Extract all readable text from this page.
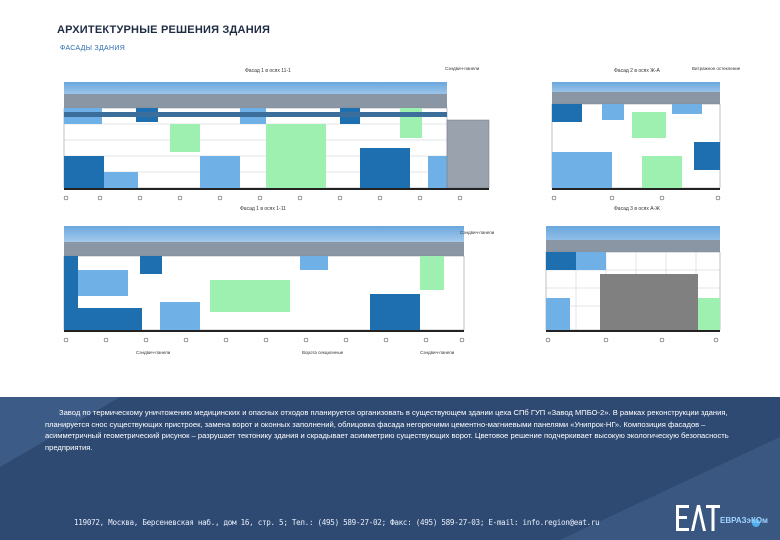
АРХИТЕКТУРНЫЕ РЕШЕНИЯ ЗДАНИЯ
ФАСАДЫ ЗДАНИЯ
Фасад 1 в осях 11-1	Сэндвич-панели
Фасад 1 в осях 1-11
Фасад 2 в осях Ж-А	Витражное остекление
Фасад 3 в осях А-Ж
Сэндвич-панели	Ворота секционные	Сэндвич-панели
Сэндвич-панели
Завод по термическому уничтожению медицинских и опасных отходов планируется организовать в существующем здании цеха СПб ГУП «Завод МПБО-2». В рамках реконструкции здания, планируется снос существующих пристроек, замена ворот и оконных заполнений, облицовка фасада негорючими цементно-магниевыми панелями «Унипрок-НГ». Композиция фасадов – асимметричный геометрический рисунок – разрушает тектонику здания и скрадывает асимметрию существующих ворот. Цветовое решение подчеркивает высокую экологическую безопасность предприятия.
119072, Москва, Берсеневская наб., дом 16, стр. 5; Тел.: (495) 589-27-02; Факс: (495) 589-27-03; E-mail: info.region@eat.ru	ЕВРАЗэКОм
